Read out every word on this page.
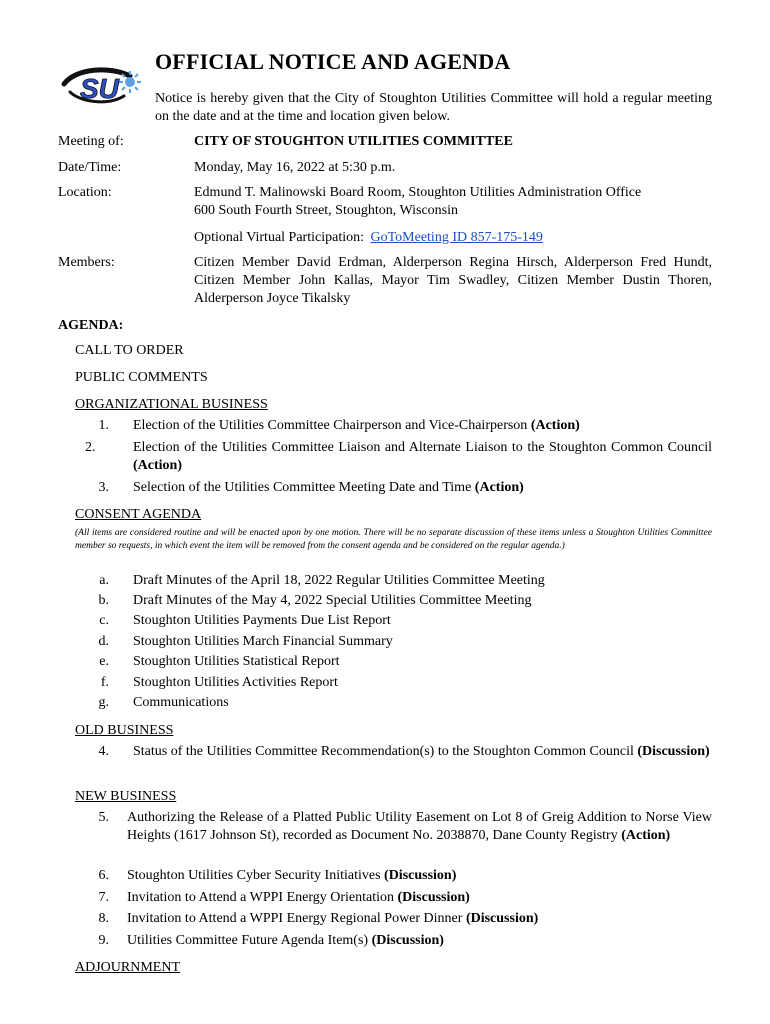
SU
OFFICIAL NOTICE AND AGENDA
Notice is hereby given that the City of Stoughton Utilities Committee will hold a regular meeting on the date and at the time and location given below.
Meeting of:	CITY OF STOUGHTON UTILITIES COMMITTEE
Date/Time:	Monday, May 16, 2022 at 5:30 p.m.
Location:	Edmund T. Malinowski Board Room, Stoughton Utilities Administration Office
600 South Fourth Street, Stoughton, Wisconsin
Optional Virtual Participation: GoToMeeting ID 857-175-149
Members:	Citizen Member David Erdman, Alderperson Regina Hirsch, Alderperson Fred Hundt, Citizen Member John Kallas, Mayor Tim Swadley, Citizen Member Dustin Thoren, Alderperson Joyce Tikalsky
AGENDA:
CALL TO ORDER
PUBLIC COMMENTS
ORGANIZATIONAL BUSINESS
1. Election of the Utilities Committee Chairperson and Vice-Chairperson (Action)
2.	Election of the Utilities Committee Liaison and Alternate Liaison to the Stoughton Common Council (Action)
3. Selection of the Utilities Committee Meeting Date and Time (Action)
CONSENT AGENDA
(All items are considered routine and will be enacted upon by one motion. There will be no separate discussion of these items unless a Stoughton Utilities Committee member so requests, in which event the item will be removed from the consent agenda and be considered on the regular agenda.)
a. Draft Minutes of the April 18, 2022 Regular Utilities Committee Meeting
b. Draft Minutes of the May 4, 2022 Special Utilities Committee Meeting
c. Stoughton Utilities Payments Due List Report
d. Stoughton Utilities March Financial Summary
e. Stoughton Utilities Statistical Report
f. Stoughton Utilities Activities Report
g. Communications
OLD BUSINESS
4. Status of the Utilities Committee Recommendation(s) to the Stoughton Common Council (Discussion)
NEW BUSINESS
5. Authorizing the Release of a Platted Public Utility Easement on Lot 8 of Greig Addition to Norse View Heights (1617 Johnson St), recorded as Document No. 2038870, Dane County Registry (Action)
6. Stoughton Utilities Cyber Security Initiatives (Discussion)
7. Invitation to Attend a WPPI Energy Orientation (Discussion)
8. Invitation to Attend a WPPI Energy Regional Power Dinner (Discussion)
9. Utilities Committee Future Agenda Item(s) (Discussion)
ADJOURNMENT
